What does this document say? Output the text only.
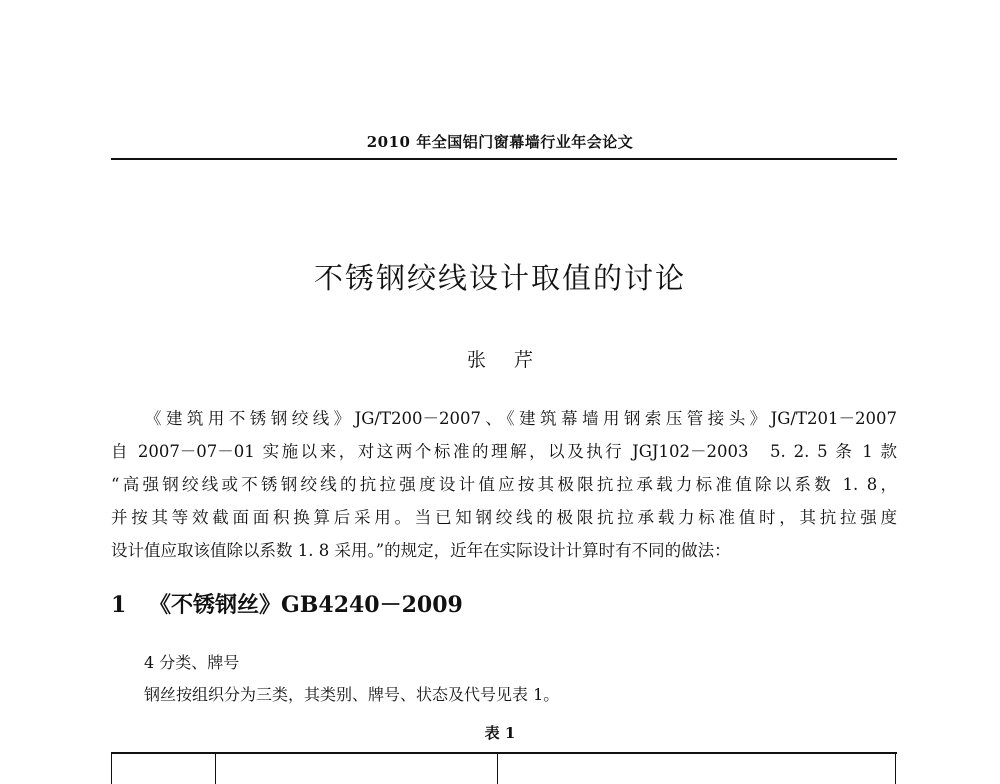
2010 年全国铝门窗幕墙行业年会论文
不锈钢绞线设计取值的讨论
张 芹
《建筑用不锈钢绞线》JG/T200－2007、《建筑幕墙用钢索压管接头》JG/T201－2007
自 2007－07－01 实施以来，对这两个标准的理解，以及执行 JGJ102－2003　5. 2. 5 条 1 款
“高强钢绞线或不锈钢绞线的抗拉强度设计值应按其极限抗拉承载力标准值除以系数 1. 8，
并按其等效截面面积换算后采用。当已知钢绞线的极限抗拉承载力标准值时，其抗拉强度
设计值应取该值除以系数 1. 8 采用。”的规定，近年在实际设计计算时有不同的做法：
1 《不锈钢丝》GB4240－2009
4 分类、牌号
钢丝按组织分为三类，其类别、牌号、状态及代号见表 1。
表 1
